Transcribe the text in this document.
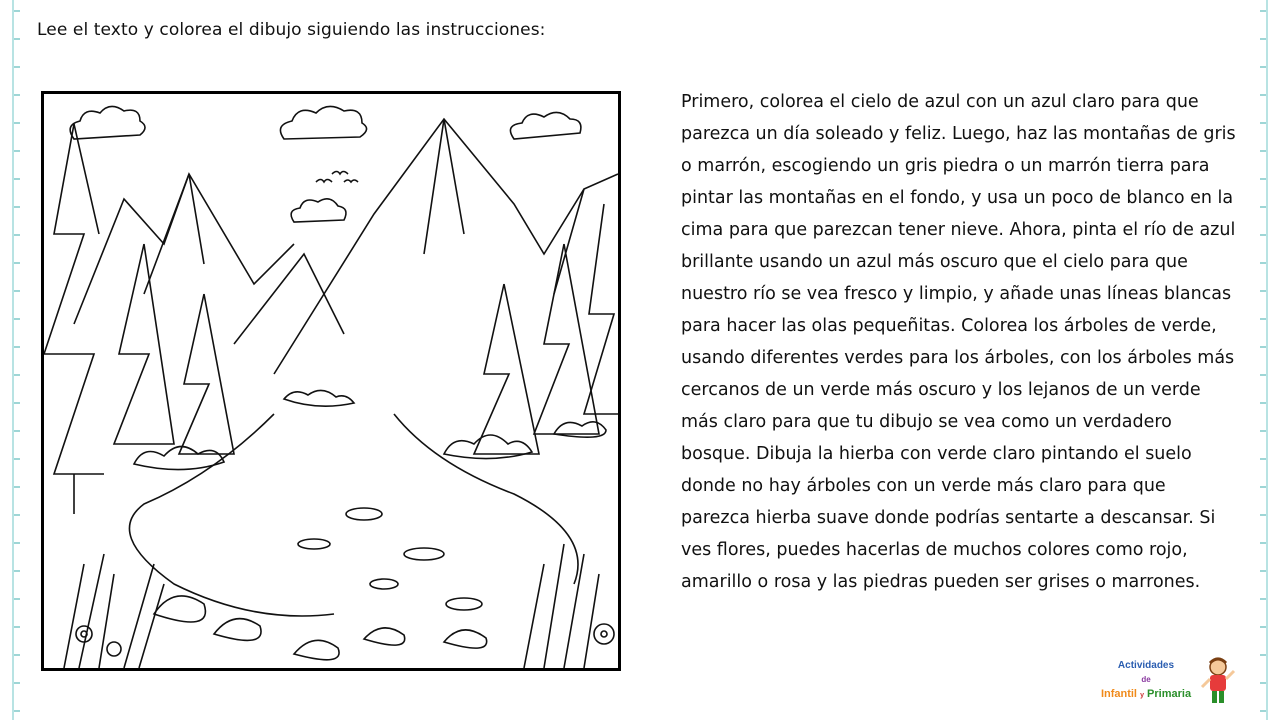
Lee el texto y colorea el dibujo siguiendo las instrucciones:
Primero, colorea el cielo de azul con un azul claro para que parezca un día soleado y feliz. Luego, haz las montañas de gris o marrón, escogiendo un gris piedra o un marrón tierra para pintar las montañas en el fondo, y usa un poco de blanco en la cima para que parezcan tener nieve. Ahora, pinta el río de azul brillante usando un azul más oscuro que el cielo para que nuestro río se vea fresco y limpio, y añade unas líneas blancas para hacer las olas pequeñitas. Colorea los árboles de verde, usando diferentes verdes para los árboles, con los árboles más cercanos de un verde más oscuro y los lejanos de un verde más claro para que tu dibujo se vea como un verdadero bosque. Dibuja la hierba con verde claro pintando el suelo donde no hay árboles con un verde más claro para que parezca hierba suave donde podrías sentarte a descansar. Si ves flores, puedes hacerlas de muchos colores como rojo, amarillo o rosa y las piedras pueden ser grises o marrones.
Actividades
de
Infantil y Primaria
